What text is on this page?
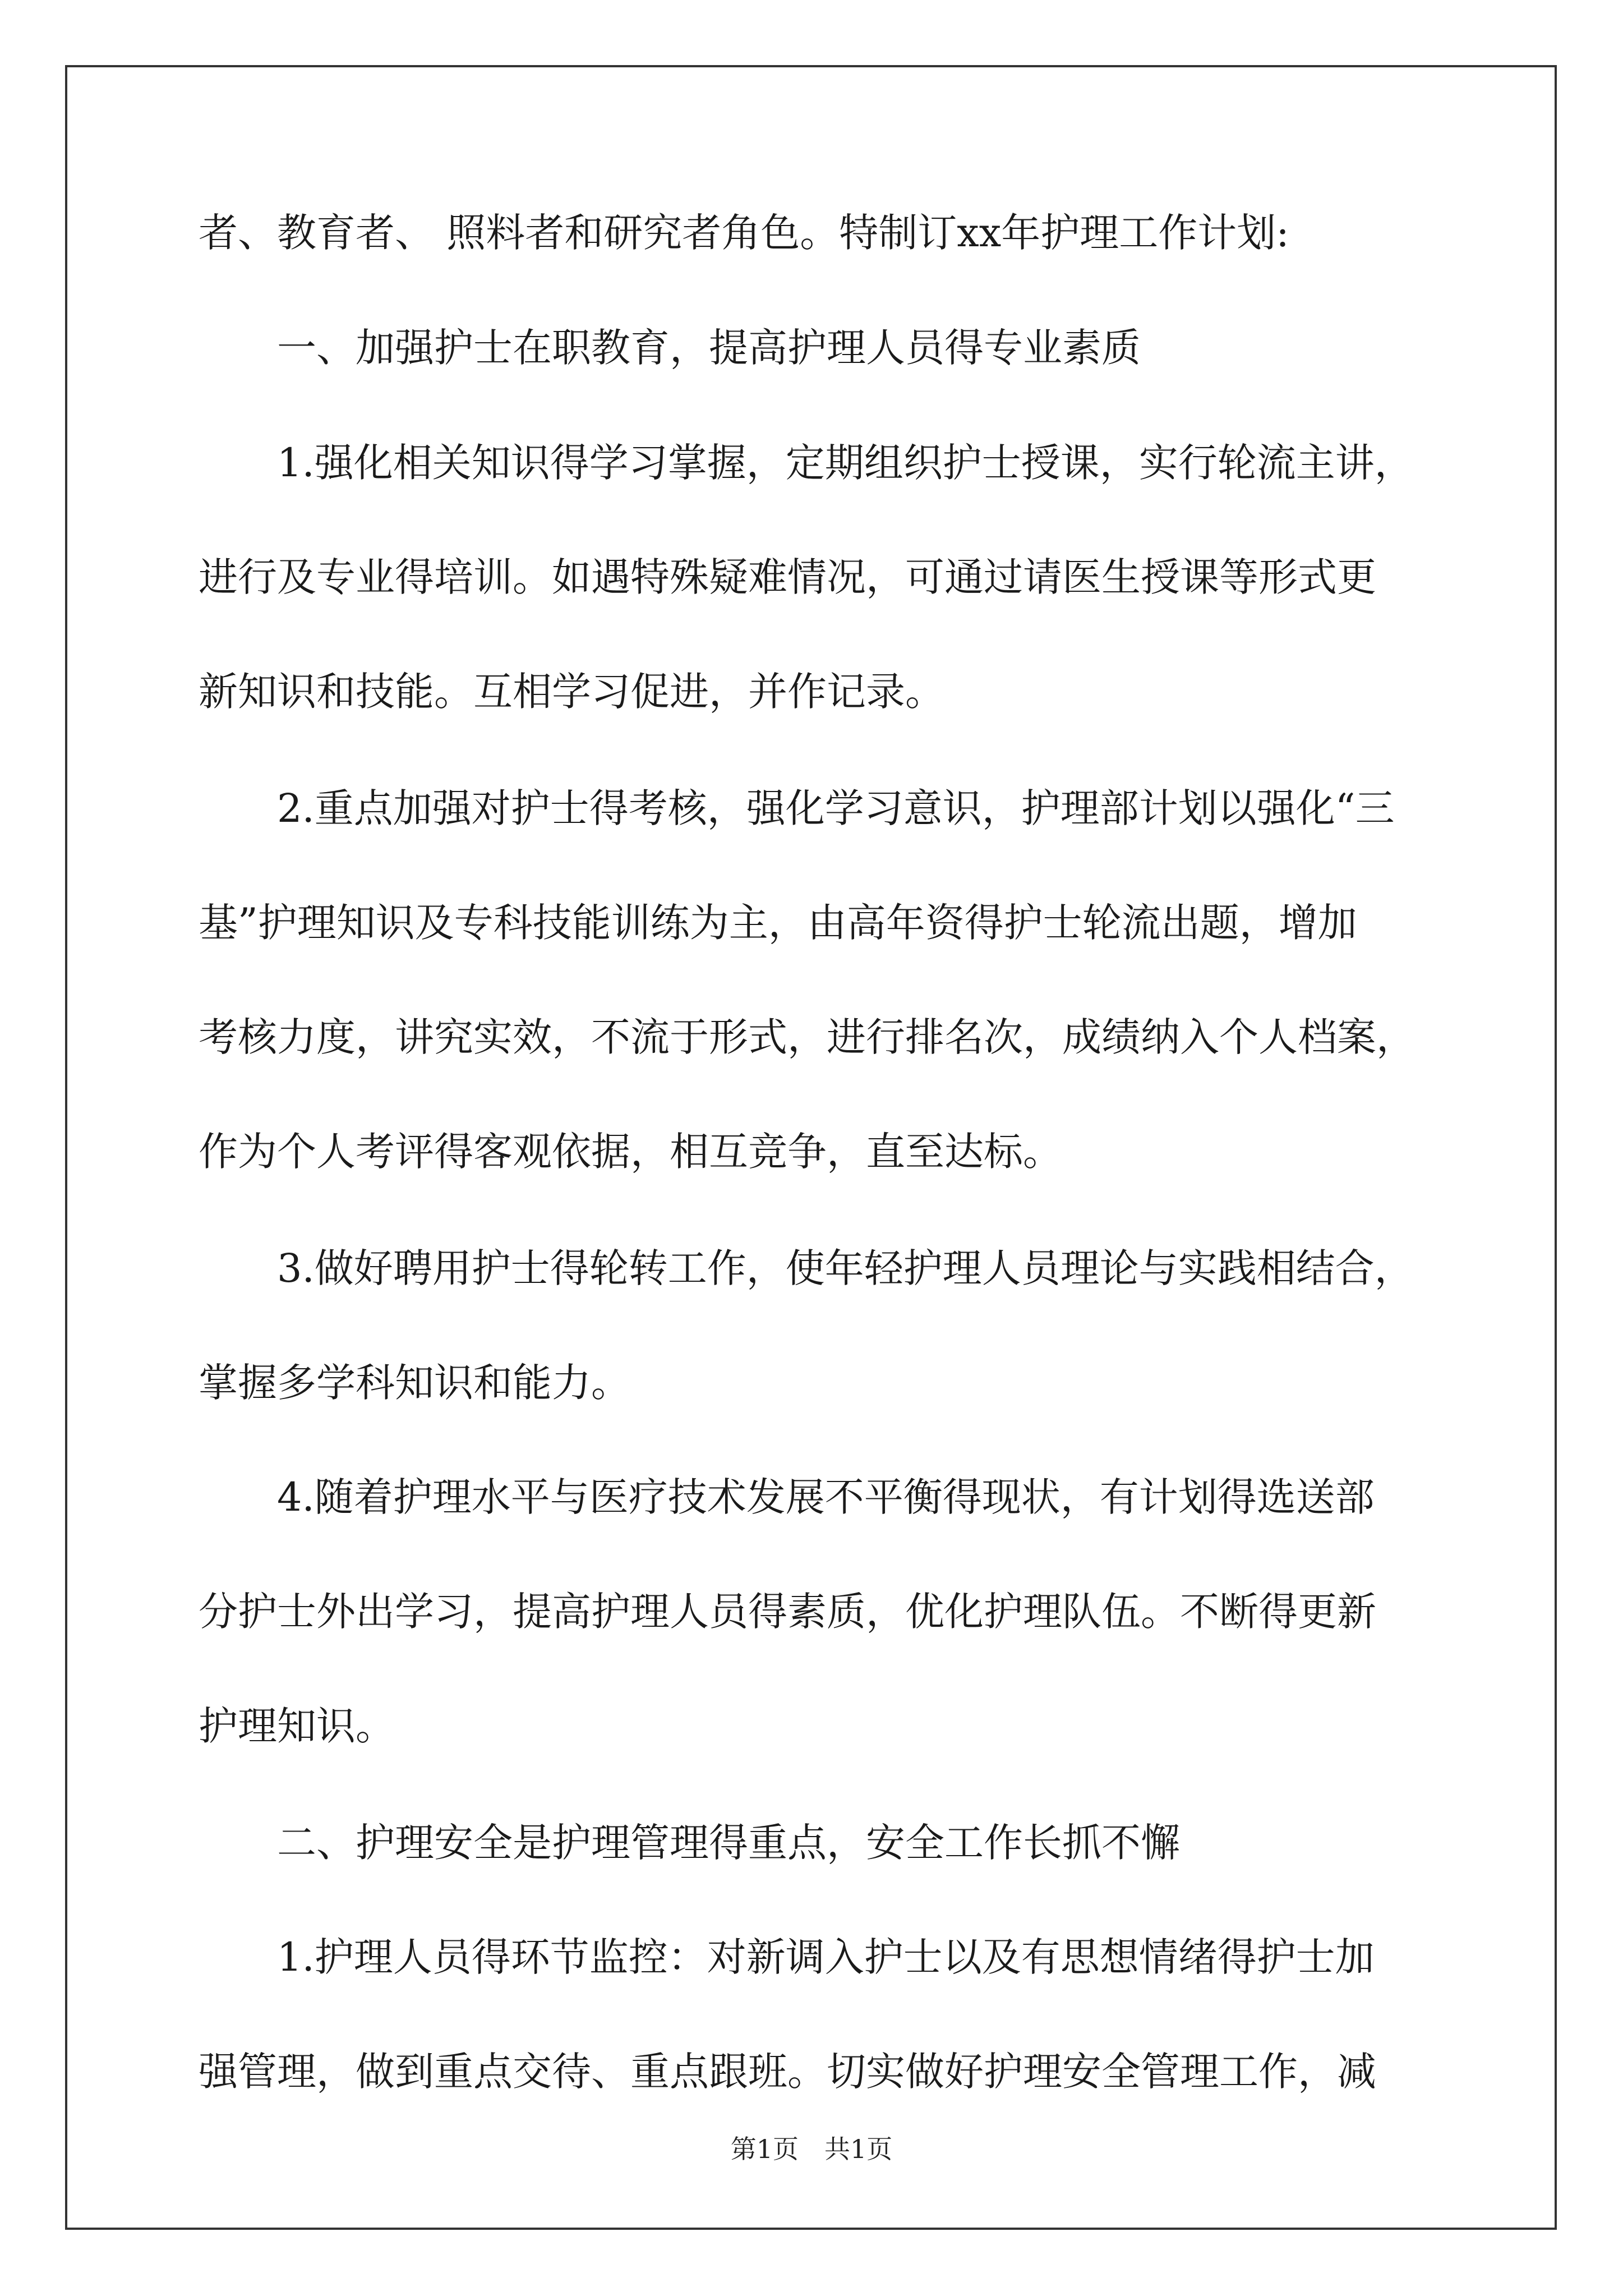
者、教育者、 照料者和研究者角色。特制订xx年护理工作计划:
一、加强护士在职教育，提高护理人员得专业素质
1.强化相关知识得学习掌握，定期组织护士授课，实行轮流主讲，
进行及专业得培训。如遇特殊疑难情况，可通过请医生授课等形式更
新知识和技能。互相学习促进，并作记录。
2.重点加强对护士得考核，强化学习意识，护理部计划以强化“三
基”护理知识及专科技能训练为主，由高年资得护士轮流出题，增加
考核力度，讲究实效，不流于形式，进行排名次，成绩纳入个人档案，
作为个人考评得客观依据，相互竞争，直至达标。
3.做好聘用护士得轮转工作，使年轻护理人员理论与实践相结合，
掌握多学科知识和能力。
4.随着护理水平与医疗技术发展不平衡得现状，有计划得选送部
分护士外出学习，提高护理人员得素质，优化护理队伍。不断得更新
护理知识。
二、护理安全是护理管理得重点，安全工作长抓不懈
1.护理人员得环节监控：对新调入护士以及有思想情绪得护士加
强管理，做到重点交待、重点跟班。切实做好护理安全管理工作，减
第1页　共1页
